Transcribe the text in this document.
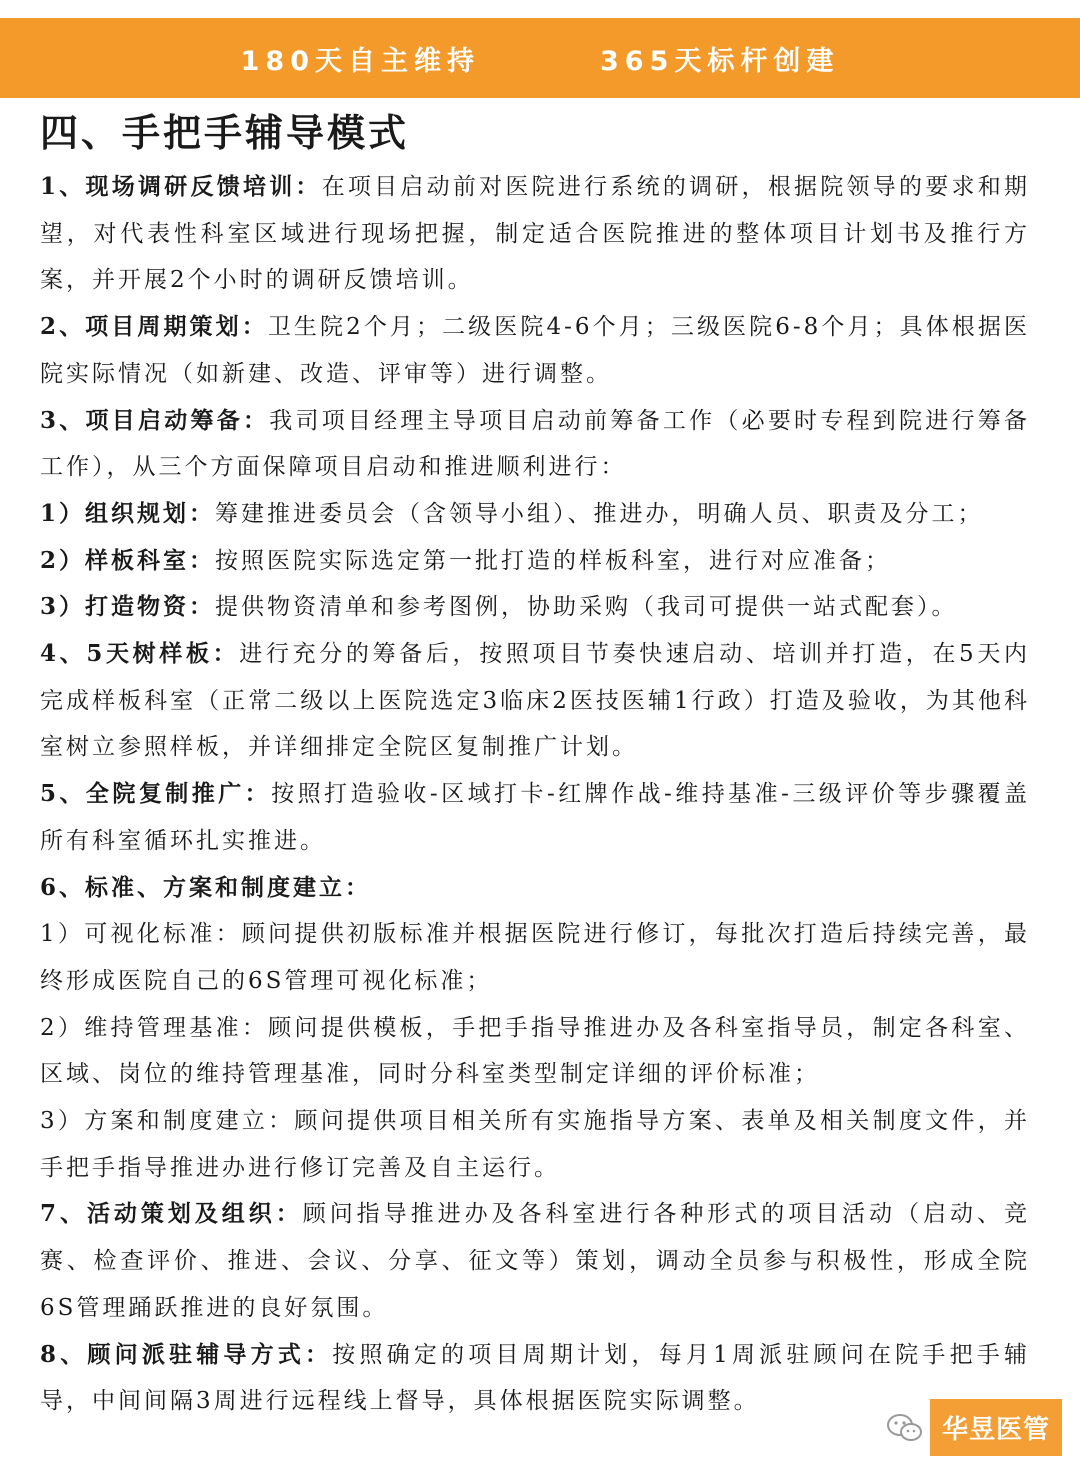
180天自主维持	365天标杆创建
四、手把手辅导模式

1、现场调研反馈培训：在项目启动前对医院进行系统的调研，根据院领导的要求和期望，对代表性科室区域进行现场把握，制定适合医院推进的整体项目计划书及推行方案，并开展2个小时的调研反馈培训。

2、项目周期策划：卫生院2个月；二级医院4-6个月；三级医院6-8个月；具体根据医院实际情况（如新建、改造、评审等）进行调整。

3、项目启动筹备：我司项目经理主导项目启动前筹备工作（必要时专程到院进行筹备工作），从三个方面保障项目启动和推进顺利进行：

1）组织规划：筹建推进委员会（含领导小组）、推进办，明确人员、职责及分工；

2）样板科室：按照医院实际选定第一批打造的样板科室，进行对应准备；

3）打造物资：提供物资清单和参考图例，协助采购（我司可提供一站式配套）。

4、5天树样板：进行充分的筹备后，按照项目节奏快速启动、培训并打造，在5天内完成样板科室（正常二级以上医院选定3临床2医技医辅1行政）打造及验收，为其他科室树立参照样板，并详细排定全院区复制推广计划。

5、全院复制推广：按照打造验收-区域打卡-红牌作战-维持基准-三级评价等步骤覆盖所有科室循环扎实推进。

6、标准、方案和制度建立：

1）可视化标准：顾问提供初版标准并根据医院进行修订，每批次打造后持续完善，最终形成医院自己的6S管理可视化标准；

2）维持管理基准：顾问提供模板，手把手指导推进办及各科室指导员，制定各科室、区域、岗位的维持管理基准，同时分科室类型制定详细的评价标准；

3）方案和制度建立：顾问提供项目相关所有实施指导方案、表单及相关制度文件，并手把手指导推进办进行修订完善及自主运行。

7、活动策划及组织：顾问指导推进办及各科室进行各种形式的项目活动（启动、竞赛、检查评价、推进、会议、分享、征文等）策划，调动全员参与积极性，形成全院6S管理踊跃推进的良好氛围。

8、顾问派驻辅导方式：按照确定的项目周期计划，每月1周派驻顾问在院手把手辅导，中间间隔3周进行远程线上督导，具体根据医院实际调整。

华昱医管
